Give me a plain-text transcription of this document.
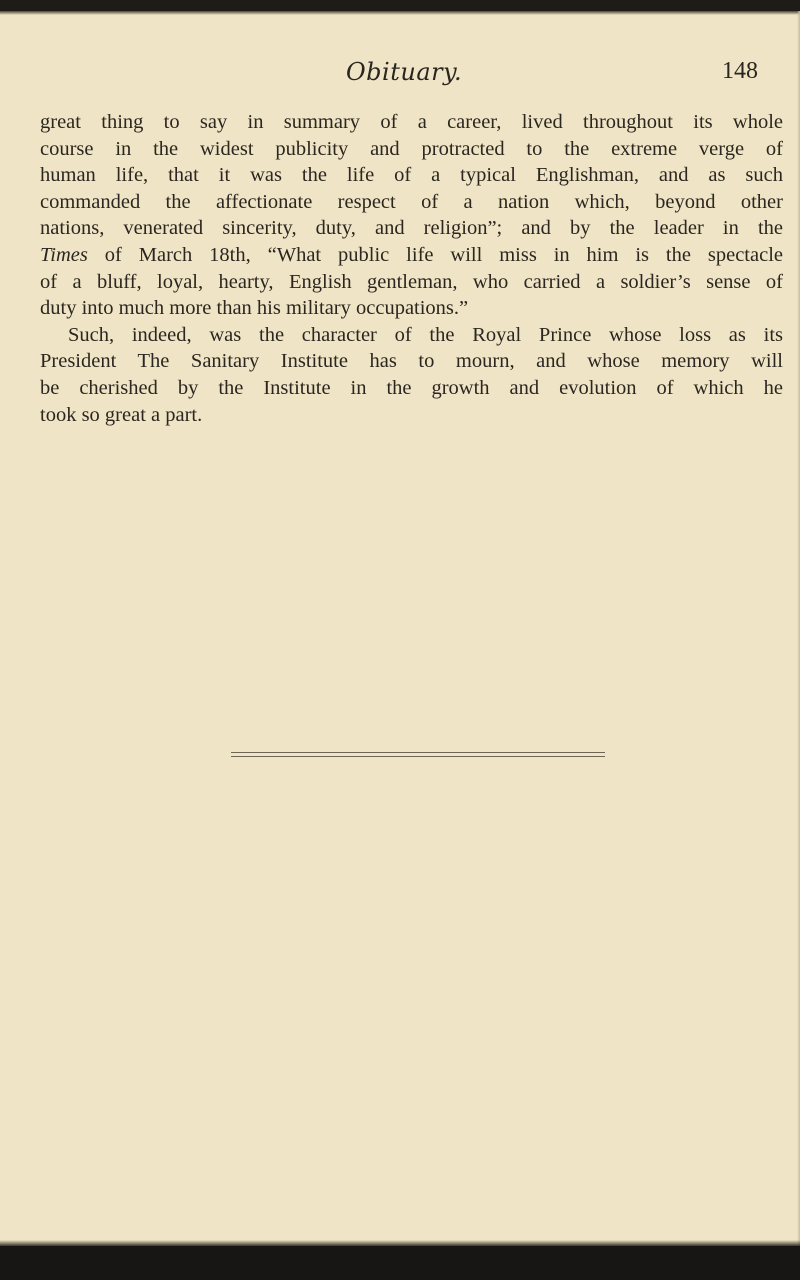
Obituary.	148
great thing to say in summary of a career, lived throughout its whole
course in the widest publicity and protracted to the extreme verge of
human life, that it was the life of a typical Englishman, and as such
commanded the affectionate respect of a nation which, beyond other
nations, venerated sincerity, duty, and religion”; and by the leader in the
Times of March 18th, “What public life will miss in him is the spectacle
of a bluff, loyal, hearty, English gentleman, who carried a soldier’s sense of
duty into much more than his military occupations.”
Such, indeed, was the character of the Royal Prince whose loss as its
President The Sanitary Institute has to mourn, and whose memory will
be cherished by the Institute in the growth and evolution of which he
took so great a part.
